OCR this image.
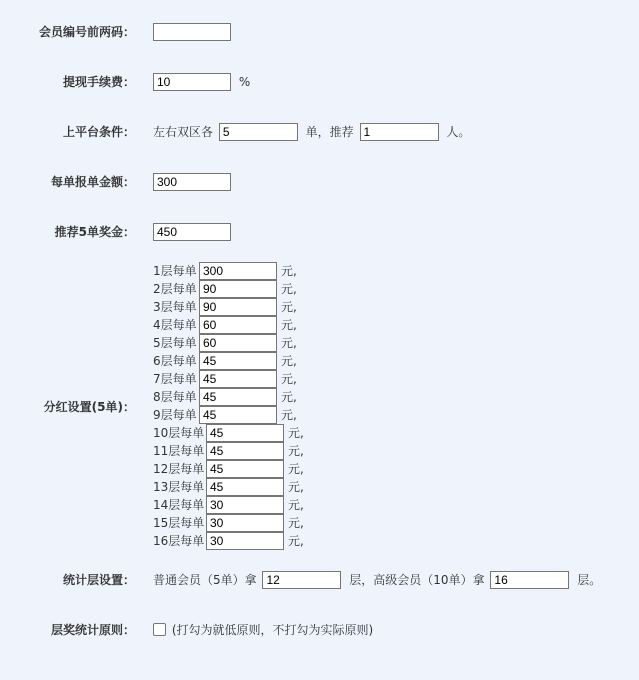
会员编号前两码：
提现手续费：
10	%
上平台条件： 左右双区各 5	单，推荐 1	人。
每单报单金额：
300
推荐5单奖金：
450
分红设置(5单)：
1层每单300	元,
2层每单90	元,
3层每单90	元,
4层每单60	元,
5层每单60	元,
6层每单45	元,
7层每单45	元,
8层每单45	元,
9层每单45	元,
10层每单45	元,
11层每单45	元,
12层每单45	元,
13层每单45	元,
14层每单30	元,
15层每单30	元,
16层每单30	元,
统计层设置： 普通会员（5单）拿 12	层，高级会员（10单）拿 16	层。
层奖统计原则：	(打勾为就低原则，不打勾为实际原则)
